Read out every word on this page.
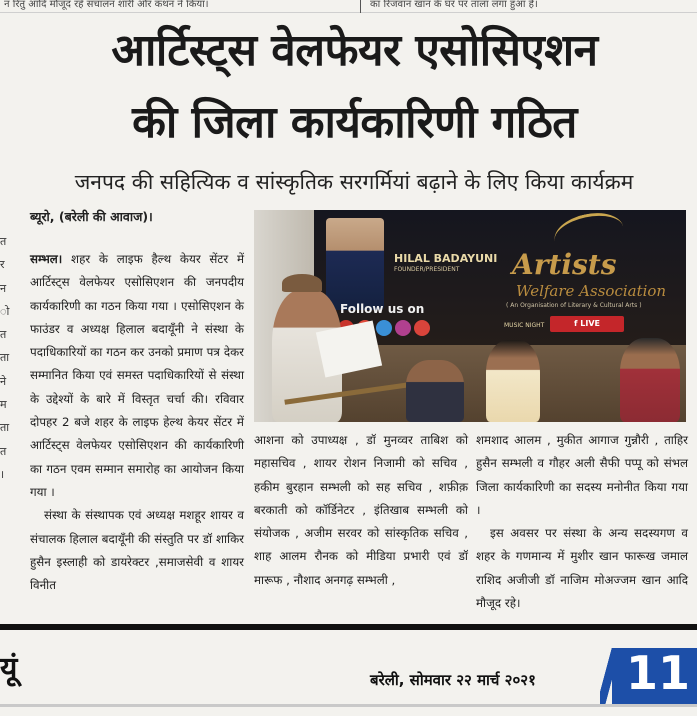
न रितु आदि मौजूद रहे संचालन शारी और कथन ने किया।	का रिजवान खान के घर पर ताला लगा हुआ है।
त
र
न
ो
त
ता
ने
म
ता
त
।
आर्टिस्ट्स वेलफेयर एसोसिएशन
की जिला कार्यकारिणी गठित
जनपद की सहित्यिक व सांस्कृतिक सरगर्मियां बढ़ाने के लिए किया कार्यक्रम
ब्यूरो, (बरेली की आवाज)।
HILAL BADAYUNI
FOUNDER/PRESIDENT
Follow us on
Artists
Welfare Association
( An Organisation of Literary & Cultural Arts )
MUSIC NIGHT	f LIVE

सम्भल। शहर के लाइफ हैल्थ केयर सेंटर में आर्टिस्ट्स वेलफेयर एसोसिएशन की जनपदीय कार्यकारिणी का गठन किया गया । एसोसिएशन के फाउंडर व अध्यक्ष हिलाल बदायूँनी ने संस्था के पदाधिकारियों का गठन कर उनको प्रमाण पत्र देकर सम्मानित किया एवं समस्त पदाधिकारियों से संस्था के उद्देश्यों के बारे में विस्तृत चर्चा की। रविवार दोपहर 2 बजे शहर के लाइफ हेल्थ केयर सेंटर में आर्टिस्ट्स वेलफेयर एसोसिएशन की कार्यकारिणी का गठन एवम सम्मान समारोह का आयोजन किया गया ।

संस्था के संस्थापक एवं अध्यक्ष मशहूर शायर व संचालक हिलाल बदायूँनी की संस्तुति पर डॉ शाकिर हुसैन इस्लाही को डायरेक्टर ,समाजसेवी व शायर विनीत

आशना को उपाध्यक्ष , डॉ मुनव्वर ताबिश को महासचिव , शायर रोशन निजामी को सचिव , हकीम बुरहान सम्भली को सह सचिव , शफ़ीक़ बरकाती को कॉर्डिनेटर , इंतिखाब सम्भली को संयोजक , अजीम सरवर को सांस्कृतिक सचिव , शाह आलम रौनक को मीडिया प्रभारी एवं डॉ मारूफ , नौशाद अनगढ़ सम्भली ,

शमशाद आलम , मुकीत आगाज गुन्नौरी , ताहिर हुसैन सम्भली व गौहर अली सैफी पप्पू को संभल जिला कार्यकारिणी का सदस्य मनोनीत किया गया ।

इस अवसर पर संस्था के अन्य सदस्यगण व शहर के गणमान्य में मुशीर खान फारूख जमाल राशिद अजीजी डॉ नाजिम मोअज्जम खान आदि मौजूद रहे।

यूं	बरेली, सोमवार २२ मार्च २०२१ 11
